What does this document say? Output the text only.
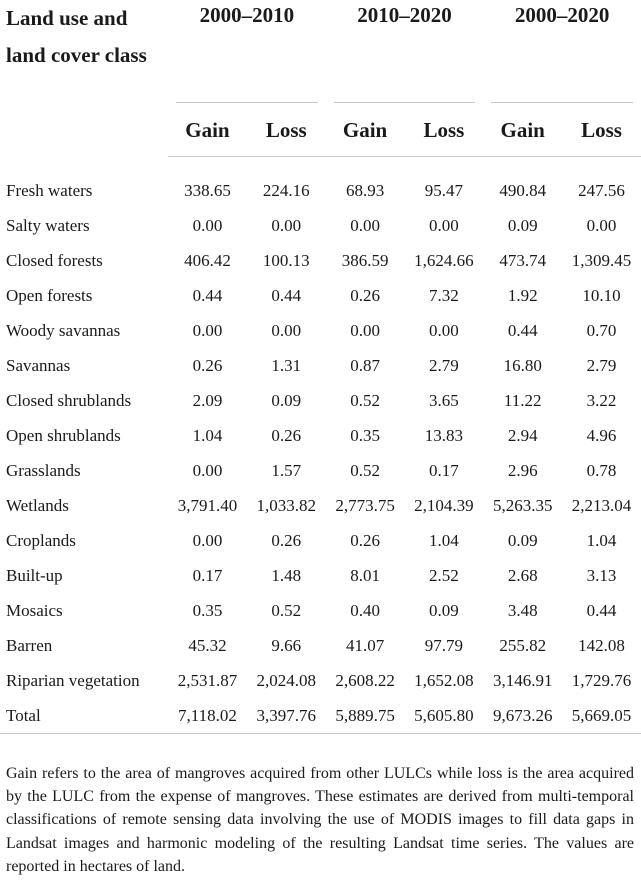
Land use and land cover class	2000–2010		2010–2020		2000–2020	

	Gain	Loss	Gain	Loss	Gain	Loss

Fresh waters	338.65	224.16	68.93	95.47	490.84	247.56
Salty waters	0.00	0.00	0.00	0.00	0.09	0.00
Closed forests	406.42	100.13	386.59	1,624.66	473.74	1,309.45
Open forests	0.44	0.44	0.26	7.32	1.92	10.10
Woody savannas	0.00	0.00	0.00	0.00	0.44	0.70
Savannas	0.26	1.31	0.87	2.79	16.80	2.79
Closed shrublands	2.09	0.09	0.52	3.65	11.22	3.22
Open shrublands	1.04	0.26	0.35	13.83	2.94	4.96
Grasslands	0.00	1.57	0.52	0.17	2.96	0.78
Wetlands	3,791.40	1,033.82	2,773.75	2,104.39	5,263.35	2,213.04
Croplands	0.00	0.26	0.26	1.04	0.09	1.04
Built-up	0.17	1.48	8.01	2.52	2.68	3.13
Mosaics	0.35	0.52	0.40	0.09	3.48	0.44
Barren	45.32	9.66	41.07	97.79	255.82	142.08
Riparian vegetation	2,531.87	2,024.08	2,608.22	1,652.08	3,146.91	1,729.76
Total	7,118.02	3,397.76	5,889.75	5,605.80	9,673.26	5,669.05
Gain refers to the area of mangroves acquired from other LULCs while loss is the area acquired by the LULC from the expense of mangroves. These estimates are derived from multi-temporal classifications of remote sensing data involving the use of MODIS images to fill data gaps in Landsat images and harmonic modeling of the resulting Landsat time series. The values are reported in hectares of land.
